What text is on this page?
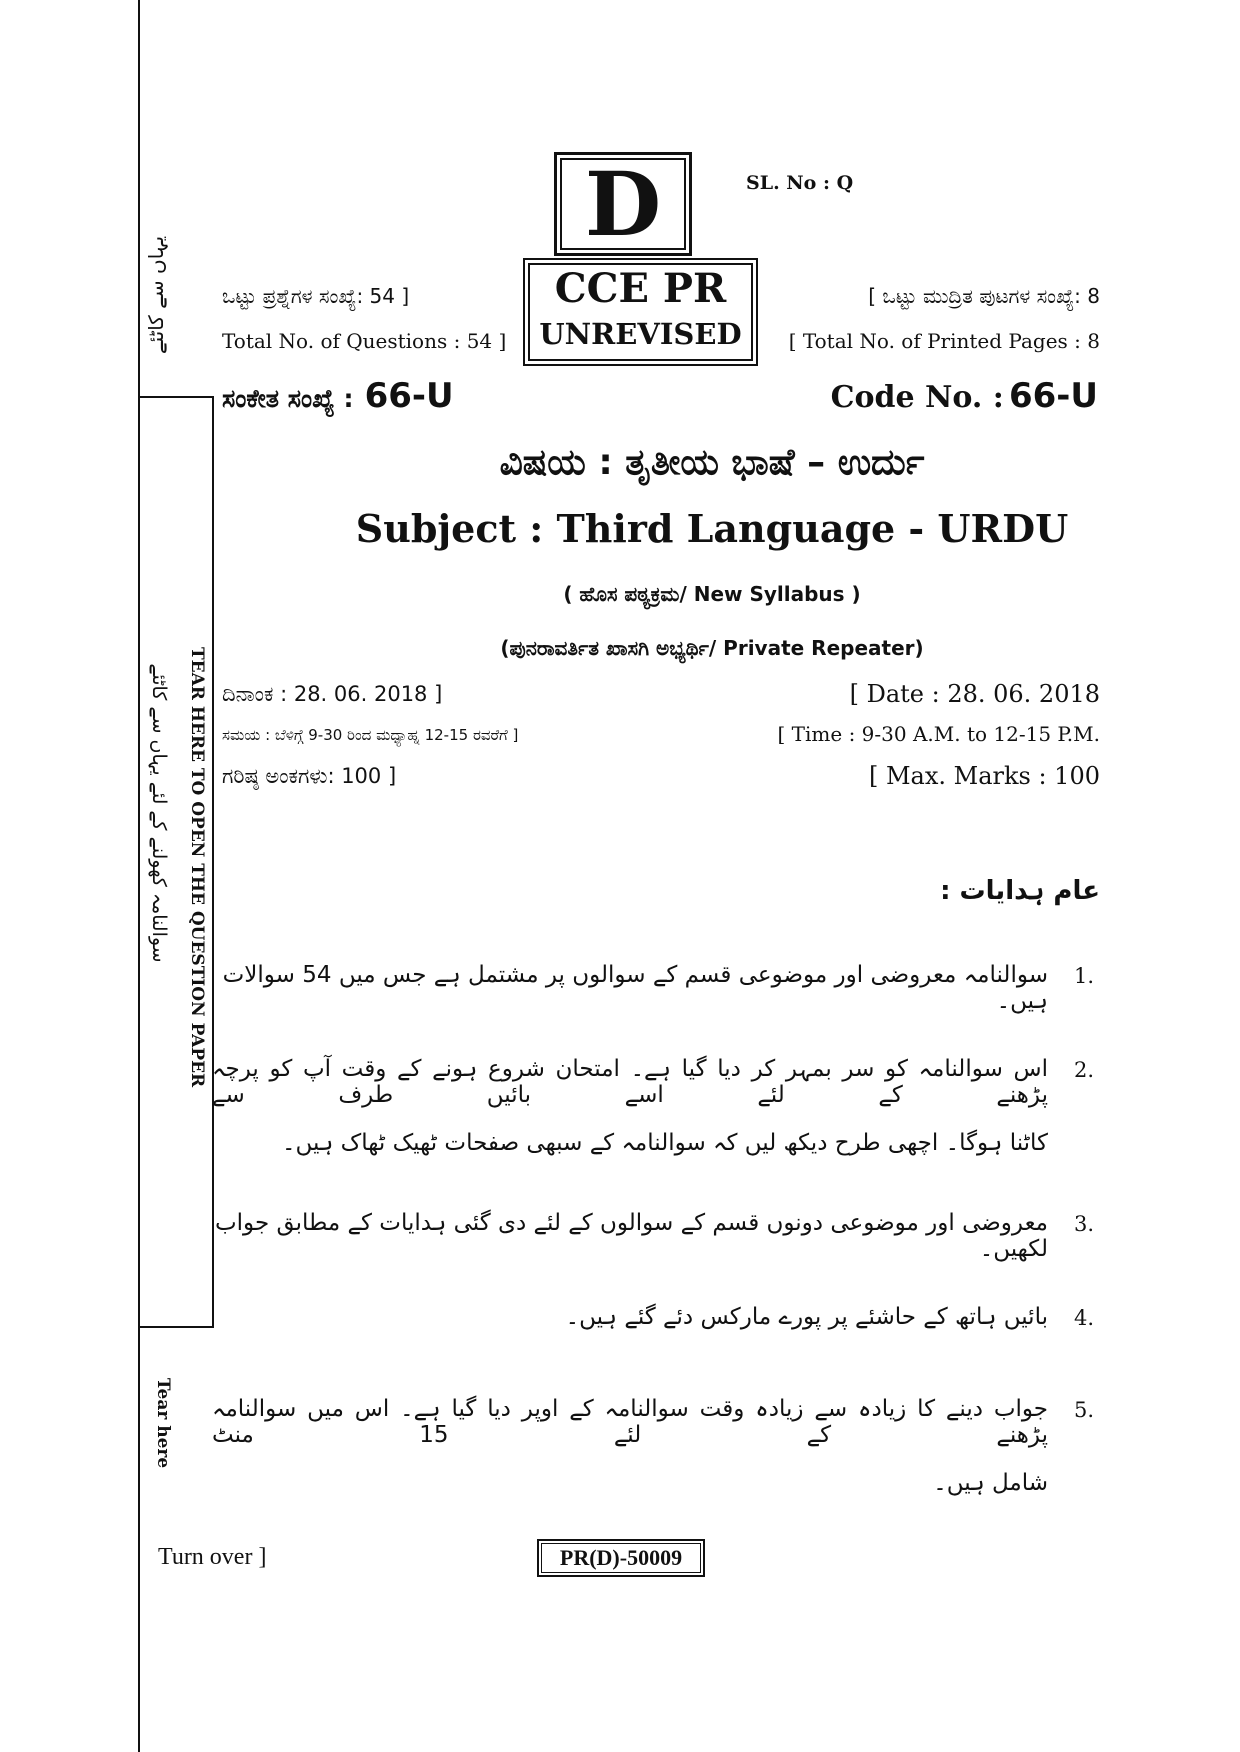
یہاں سے کاٹئے
TEAR HERE TO OPEN THE QUESTION PAPER
سوالنامہ کھولنے کے لئے یہاں سے کاٹئے
Tear here
D	SL. No : Q
CCE PR
UNREVISED
ಒಟ್ಟು ಪ್ರಶ್ನೆಗಳ ಸಂಖ್ಯೆ: 54 ]
Total No. of Questions : 54 ]
[ ಒಟ್ಟು ಮುದ್ರಿತ ಪುಟಗಳ ಸಂಖ್ಯೆ: 8
[ Total No. of Printed Pages : 8
ಸಂಕೇತ ಸಂಖ್ಯೆ : 66-U	Code No. : 66-U
ವಿಷಯ : ತೃತೀಯ ಭಾಷೆ – ಉರ್ದು
Subject : Third Language - URDU
( ಹೊಸ ಪಠ್ಯಕ್ರಮ/ New Syllabus )
(ಪುನರಾವರ್ತಿತ ಖಾಸಗಿ ಅಭ್ಯರ್ಥಿ/ Private Repeater)
ದಿನಾಂಕ : 28. 06. 2018 ]	[ Date : 28. 06. 2018
ಸಮಯ : ಬೆಳಿಗ್ಗೆ 9-30 ರಿಂದ ಮಧ್ಯಾಹ್ನ 12-15 ರವರೆಗೆ ]	[ Time : 9-30 A.M. to 12-15 P.M.
ಗರಿಷ್ಠ ಅಂಕಗಳು: 100 ]	[ Max. Marks : 100
عام ہدایات :
1.
سوالنامہ معروضی اور موضوعی قسم کے سوالوں پر مشتمل ہے جس میں 54 سوالات ہیں۔
2.
اس سوالنامہ کو سر بمہر کر دیا گیا ہے۔ امتحان شروع ہونے کے وقت آپ کو پرچہ پڑھنے کے لئے اسے بائیں طرف سے
کاٹنا ہوگا۔ اچھی طرح دیکھ لیں کہ سوالنامہ کے سبھی صفحات ٹھیک ٹھاک ہیں۔
3.
معروضی اور موضوعی دونوں قسم کے سوالوں کے لئے دی گئی ہدایات کے مطابق جواب لکھیں۔
4.
بائیں ہاتھ کے حاشئے پر پورے مارکس دئے گئے ہیں۔
5.
جواب دینے کا زیادہ سے زیادہ وقت سوالنامہ کے اوپر دیا گیا ہے۔ اس میں سوالنامہ پڑھنے کے لئے 15 منٹ
شامل ہیں۔
Turn over ]	PR(D)-50009
